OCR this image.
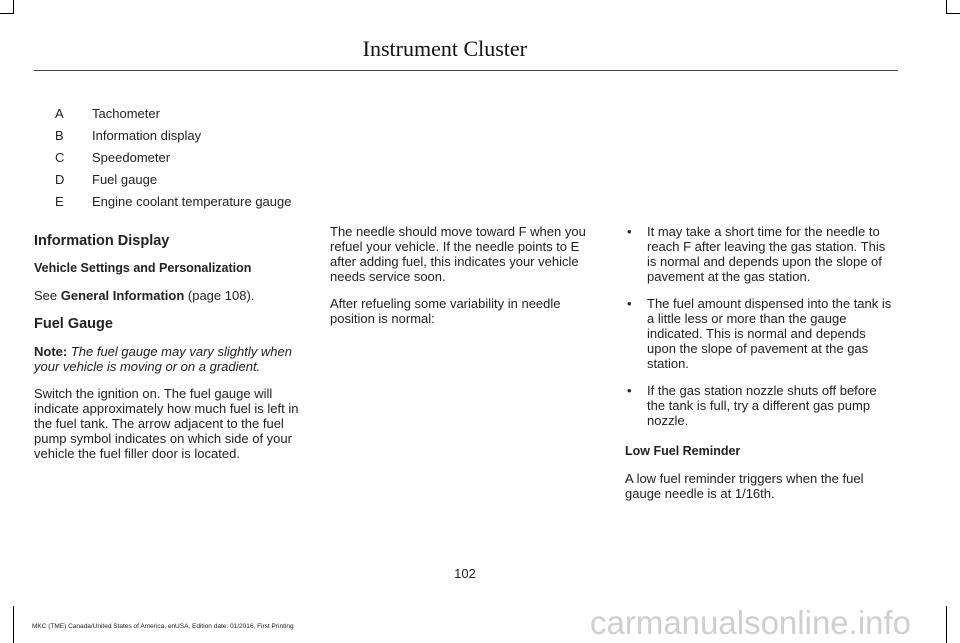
Instrument Cluster
A	Tachometer
B	Information display
C	Speedometer
D	Fuel gauge
E	Engine coolant temperature gauge
Information Display
Vehicle Settings and Personalization
See General Information (page 108).
Fuel Gauge
Note: The fuel gauge may vary slightly when your vehicle is moving or on a gradient.
Switch the ignition on. The fuel gauge will indicate approximately how much fuel is left in the fuel tank. The arrow adjacent to the fuel pump symbol indicates on which side of your vehicle the fuel filler door is located.
The needle should move toward F when you refuel your vehicle. If the needle points to E after adding fuel, this indicates your vehicle needs service soon.
After refueling some variability in needle position is normal:
• It may take a short time for the needle to reach F after leaving the gas station. This is normal and depends upon the slope of pavement at the gas station.
• The fuel amount dispensed into the tank is a little less or more than the gauge indicated. This is normal and depends upon the slope of pavement at the gas station.
• If the gas station nozzle shuts off before the tank is full, try a different gas pump nozzle.
Low Fuel Reminder
A low fuel reminder triggers when the fuel gauge needle is at 1/16th.
102
MKC (TME) Canada/United States of America, enUSA, Edition date: 01/2016, First Printing	carmanualsonline.info
